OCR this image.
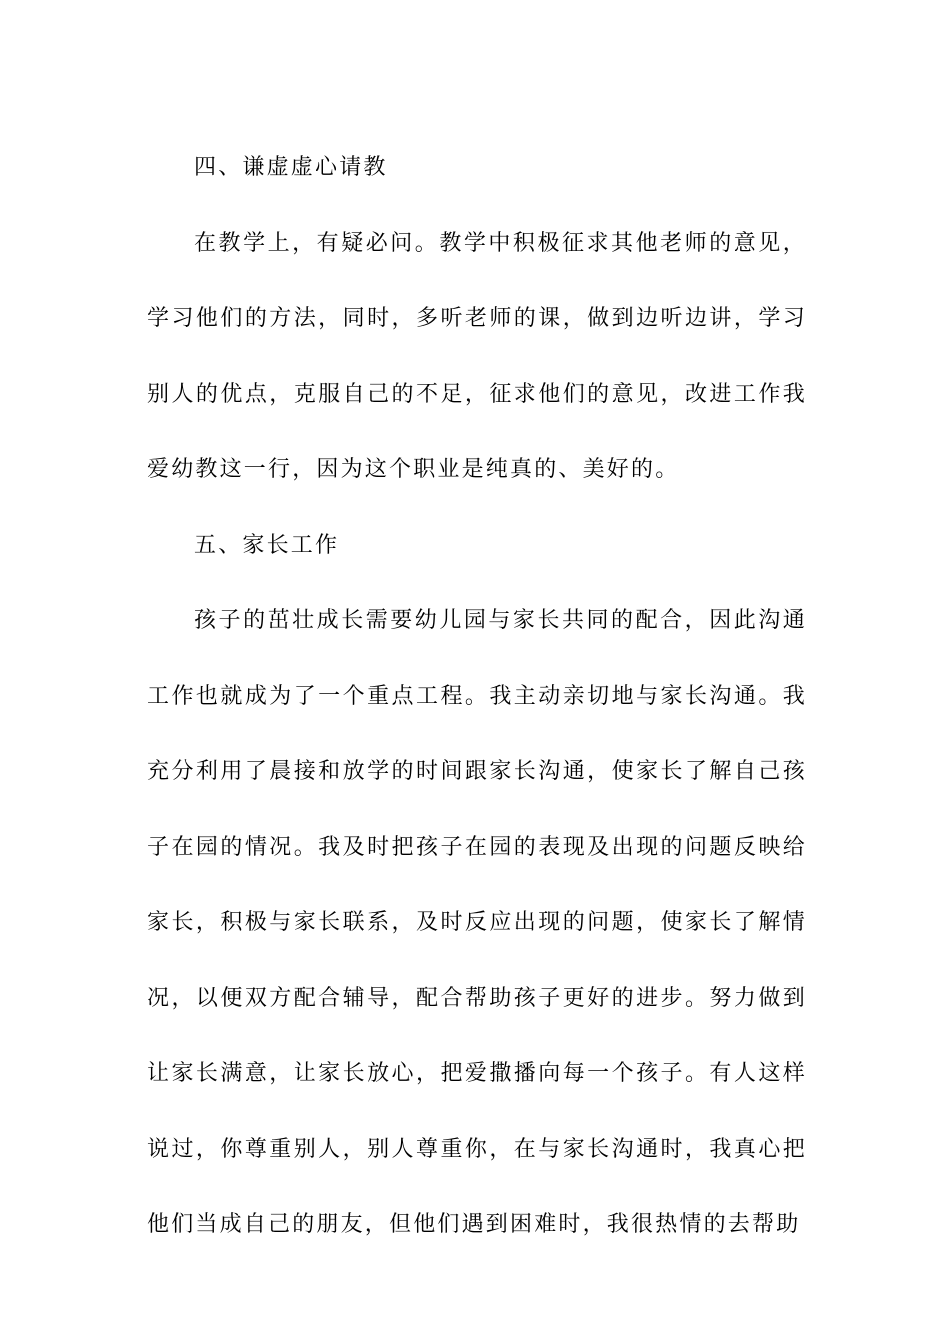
四、谦虚虚心请教

在教学上，有疑必问。教学中积极征求其他老师的意见，学习他们的方法，同时，多听老师的课，做到边听边讲，学习别人的优点，克服自己的不足，征求他们的意见，改进工作我爱幼教这一行，因为这个职业是纯真的、美好的。

五、家长工作

孩子的茁壮成长需要幼儿园与家长共同的配合，因此沟通工作也就成为了一个重点工程。我主动亲切地与家长沟通。我充分利用了晨接和放学的时间跟家长沟通，使家长了解自己孩子在园的情况。我及时把孩子在园的表现及出现的问题反映给家长，积极与家长联系，及时反应出现的问题，使家长了解情况，以便双方配合辅导，配合帮助孩子更好的进步。努力做到让家长满意，让家长放心，把爱撒播向每一个孩子。有人这样说过，你尊重别人，别人尊重你，在与家长沟通时，我真心把他们当成自己的朋友，但他们遇到困难时，我很热情的去帮助
